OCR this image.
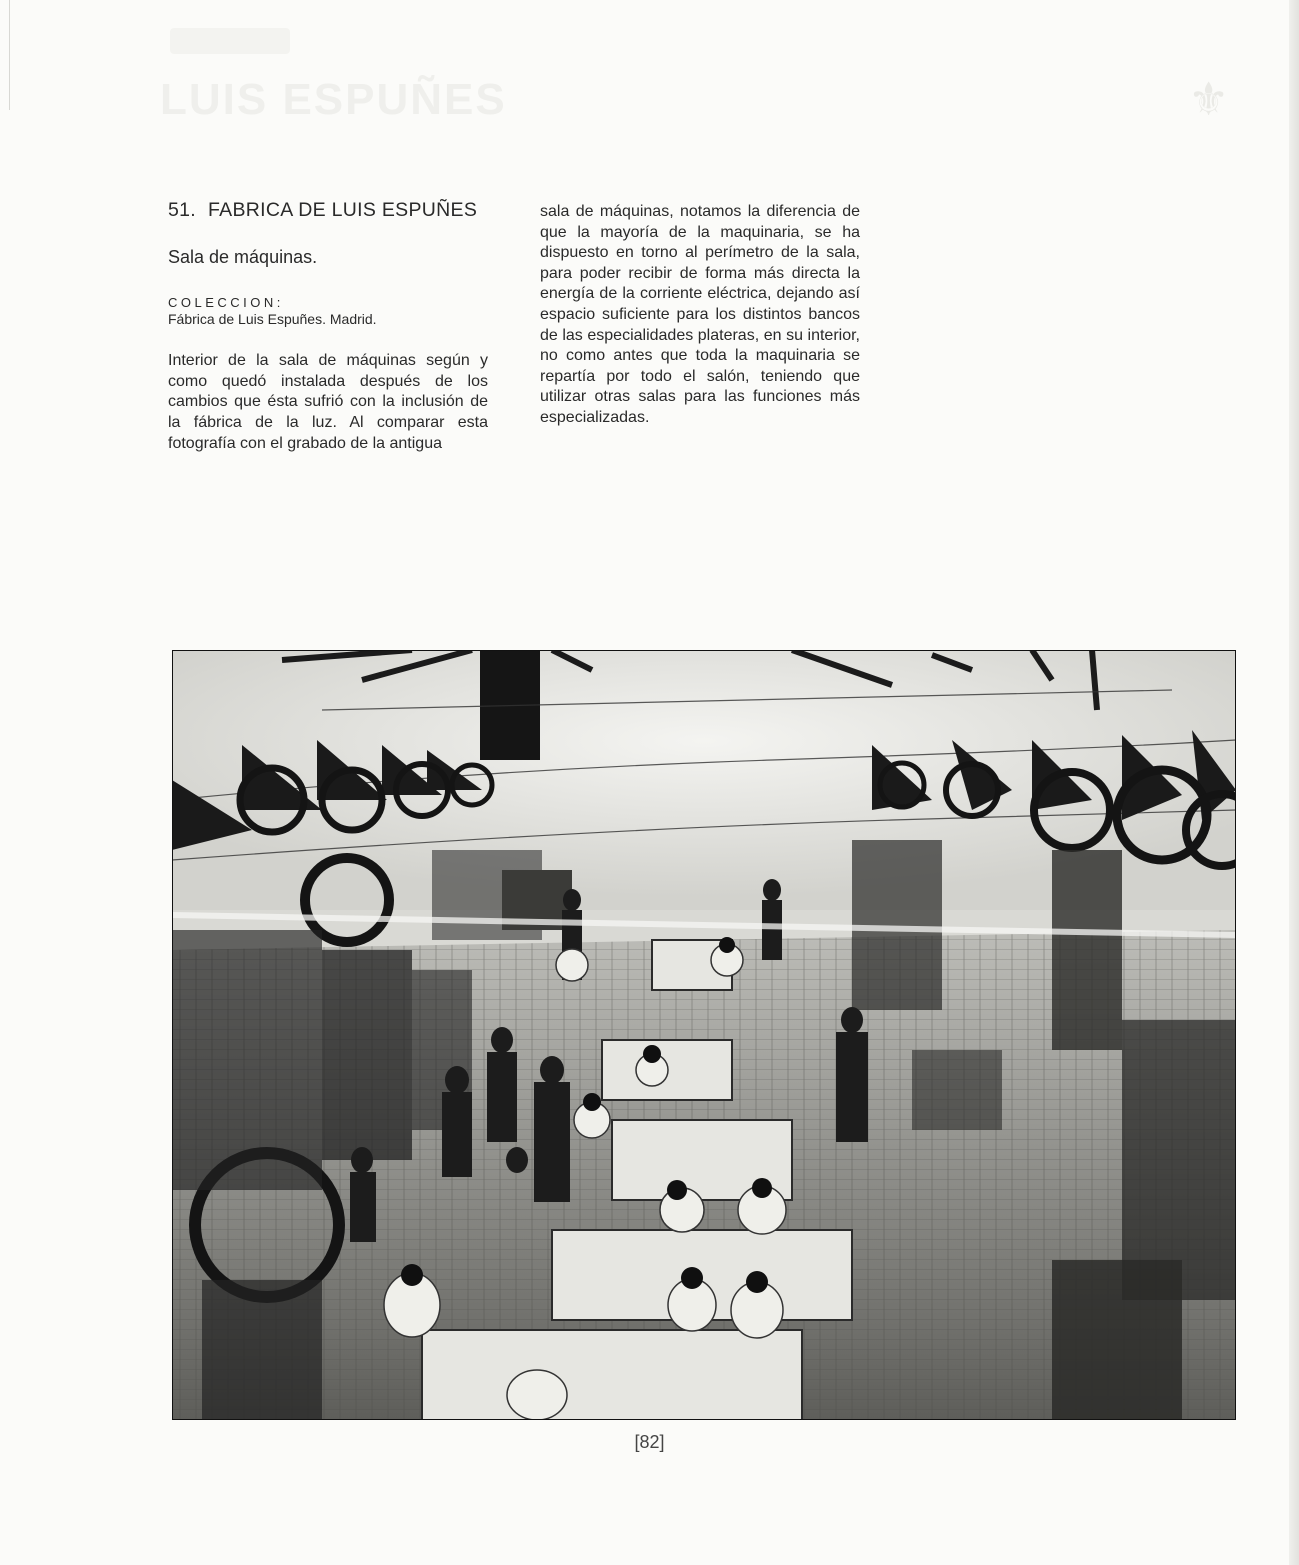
LUIS ESPUÑES	⚜

51. FABRICA DE LUIS ESPUÑES

Sala de máquinas.

COLECCION:

Fábrica de Luis Espuñes. Madrid.

Interior de la sala de máquinas según y como quedó instalada después de los cambios que ésta sufrió con la inclusión de la fábrica de la luz. Al comparar esta fotografía con el grabado de la antigua

sala de máquinas, notamos la diferencia de que la mayoría de la maquinaria, se ha dispuesto en torno al perímetro de la sala, para poder recibir de forma más directa la energía de la corriente eléctrica, dejando así espacio suficiente para los distintos bancos de las especialidades plateras, en su interior, no como antes que toda la maquinaria se repartía por todo el salón, teniendo que utilizar otras salas para las funciones más especializadas.

[82]
